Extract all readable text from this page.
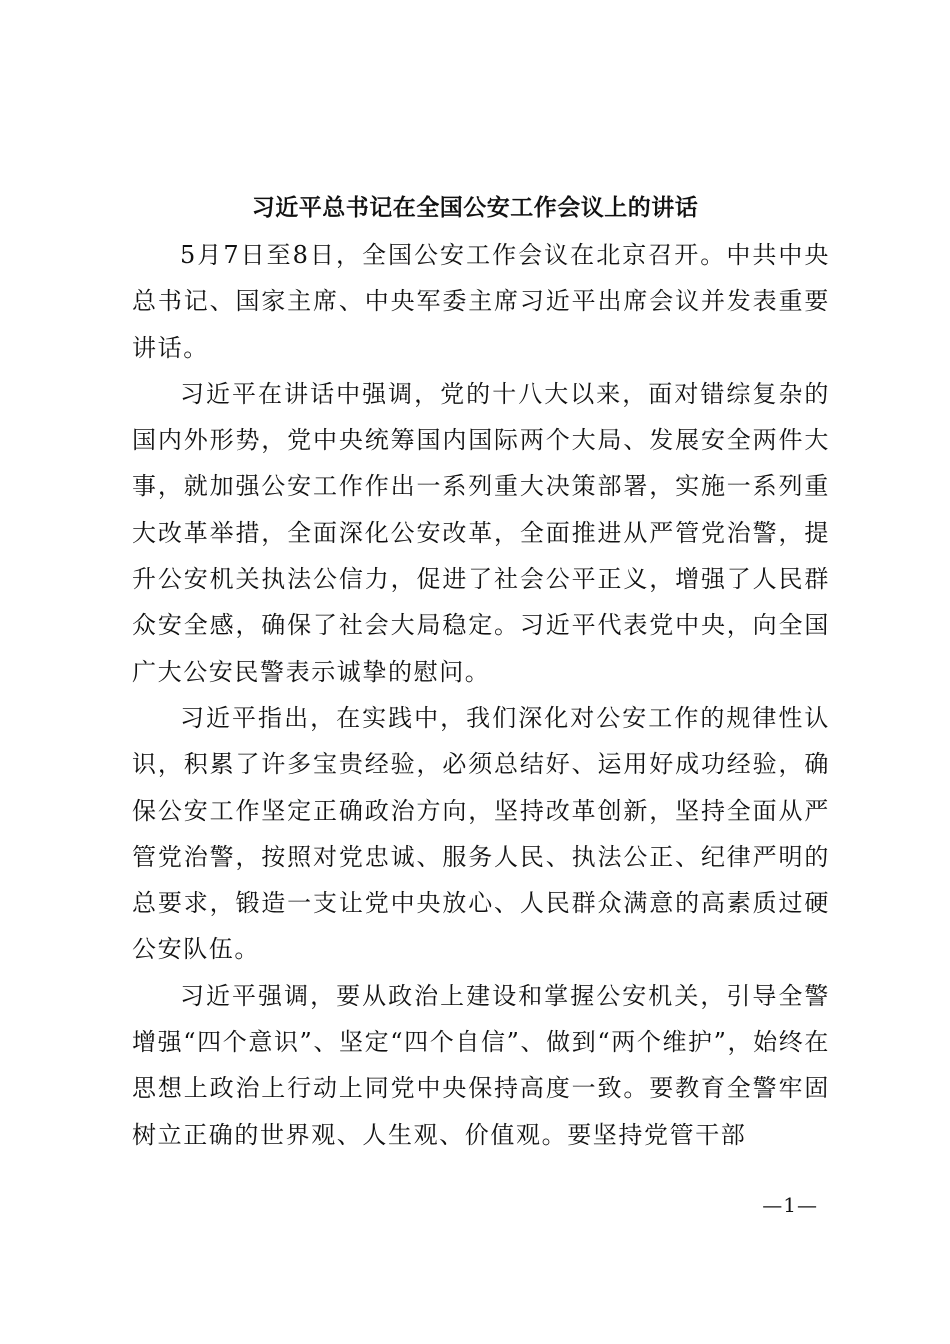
习近平总书记在全国公安工作会议上的讲话

5月7日至8日，全国公安工作会议在北京召开。中共中央总书记、国家主席、中央军委主席习近平出席会议并发表重要讲话。

习近平在讲话中强调，党的十八大以来，面对错综复杂的国内外形势，党中央统筹国内国际两个大局、发展安全两件大事，就加强公安工作作出一系列重大决策部署，实施一系列重大改革举措，全面深化公安改革，全面推进从严管党治警，提升公安机关执法公信力，促进了社会公平正义，增强了人民群众安全感，确保了社会大局稳定。习近平代表党中央，向全国广大公安民警表示诚挚的慰问。

习近平指出，在实践中，我们深化对公安工作的规律性认识，积累了许多宝贵经验，必须总结好、运用好成功经验，确保公安工作坚定正确政治方向，坚持改革创新，坚持全面从严管党治警，按照对党忠诚、服务人民、执法公正、纪律严明的总要求，锻造一支让党中央放心、人民群众满意的高素质过硬公安队伍。

习近平强调，要从政治上建设和掌握公安机关，引导全警增强“四个意识”、坚定“四个自信”、做到“两个维护”，始终在思想上政治上行动上同党中央保持高度一致。要教育全警牢固树立正确的世界观、人生观、价值观。要坚持党管干部

—1—
